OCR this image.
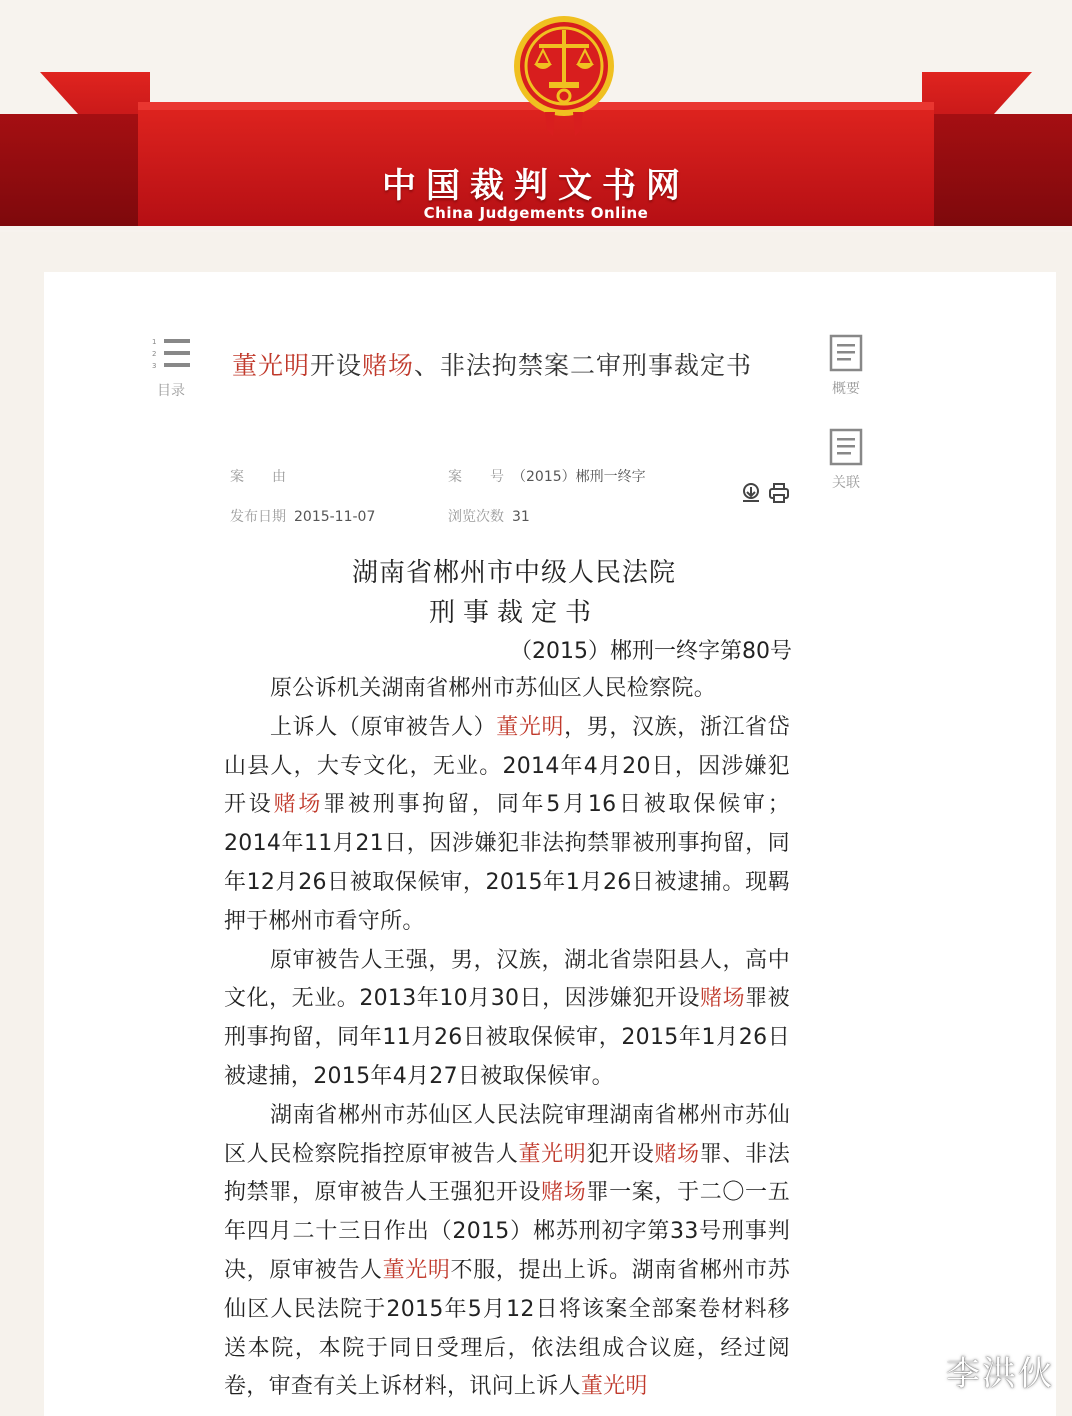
中国裁判文书网
China Judgements Online
1
2
3
目录	概要
关联
董光明开设赌场、非法拘禁案二审刑事裁定书
案　　由	案　　号 （2015）郴刑一终字
发布日期 2015-11-07	浏览次数 31
湖南省郴州市中级人民法院
刑事裁定书
（2015）郴刑一终字第80号

原公诉机关湖南省郴州市苏仙区人民检察院。

上诉人（原审被告人）董光明，男，汉族，浙江省岱山县人，大专文化，无业。2014年4月20日，因涉嫌犯开设赌场罪被刑事拘留，同年5月16日被取保候审；2014年11月21日，因涉嫌犯非法拘禁罪被刑事拘留，同年12月26日被取保候审，2015年1月26日被逮捕。现羁押于郴州市看守所。

原审被告人王强，男，汉族，湖北省崇阳县人，高中文化，无业。2013年10月30日，因涉嫌犯开设赌场罪被刑事拘留，同年11月26日被取保候审，2015年1月26日被逮捕，2015年4月27日被取保候审。

湖南省郴州市苏仙区人民法院审理湖南省郴州市苏仙区人民检察院指控原审被告人董光明犯开设赌场罪、非法拘禁罪，原审被告人王强犯开设赌场罪一案，于二〇一五年四月二十三日作出（2015）郴苏刑初字第33号刑事判决，原审被告人董光明不服，提出上诉。湖南省郴州市苏仙区人民法院于2015年5月12日将该案全部案卷材料移送本院，本院于同日受理后，依法组成合议庭，经过阅卷，审查有关上诉材料，讯问上诉人董光明	李洪伙
